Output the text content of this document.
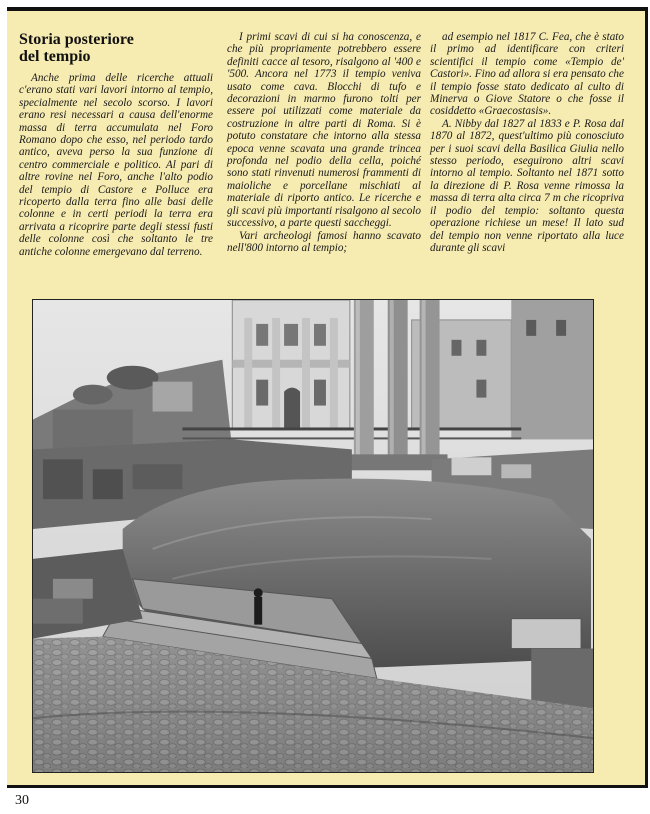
Storia posteriore
del tempio

Anche prima delle ricerche attuali c'erano stati vari lavori intorno al tempio, specialmente nel secolo scorso. I lavori erano resi necessari a causa dell'enorme massa di terra accumulata nel Foro Romano dopo che esso, nel periodo tardo antico, aveva perso la sua funzione di centro commerciale e politico. Al pari di altre rovine nel Foro, anche l'alto podio del tempio di Castore e Polluce era ricoperto dalla terra fino alle basi delle colonne e in certi periodi la terra era arrivata a ricoprire parte degli stessi fusti delle colonne così che soltanto le tre antiche colonne emergevano dal terreno.

I primi scavi di cui si ha conoscenza, e che più propriamente potrebbero essere definiti cacce al tesoro, risalgono al '400 e '500. Ancora nel 1773 il tempio veniva usato come cava. Blocchi di tufo e decorazioni in marmo furono tolti per essere poi utilizzati come materiale da costruzione in altre parti di Roma. Si è potuto constatare che intorno alla stessa epoca venne scavata una grande trincea profonda nel podio della cella, poiché sono stati rinvenuti numerosi frammenti di maioliche e porcellane mischiati al materiale di riporto antico. Le ricerche e gli scavi più importanti risalgono al secolo successivo, a parte questi saccheggi.

Vari archeologi famosi hanno scavato nell'800 intorno al tempio;

ad esempio nel 1817 C. Fea, che è stato il primo ad identificare con criteri scientifici il tempio come «Tempio de' Castori». Fino ad allora si era pensato che il tempio fosse stato dedicato al culto di Minerva o Giove Statore o che fosse il cosiddetto «Graecostasis».

A. Nibby dal 1827 al 1833 e P. Rosa dal 1870 al 1872, quest'ultimo più conosciuto per i suoi scavi della Basilica Giulia nello stesso periodo, eseguirono altri scavi intorno al tempio. Soltanto nel 1871 sotto la direzione di P. Rosa venne rimossa la massa di terra alta circa 7 m che ricopriva il podio del tempio: soltanto questa operazione richiese un mese! Il lato sud del tempio non venne riportato alla luce durante gli scavi

30
